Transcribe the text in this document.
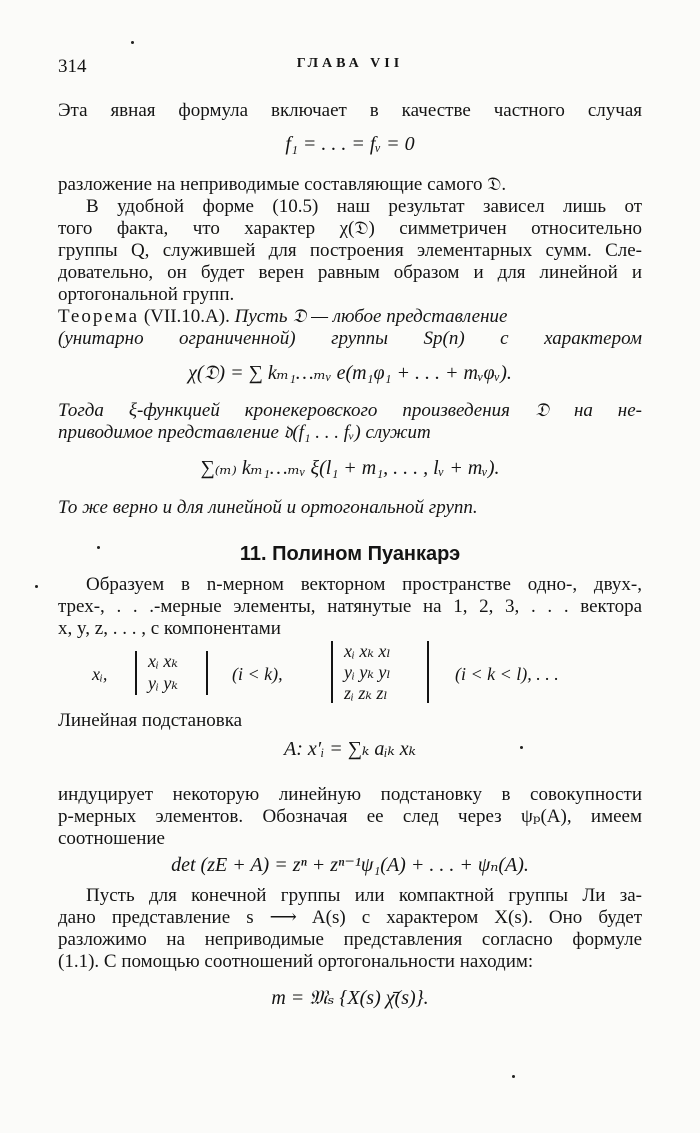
314	ГЛАВА VII
Эта явная формула включает в качестве частного случая
f₁ = . . . = fᵥ = 0
разложение на неприводимые составляющие самого 𝔇.
В удобной форме (10.5) наш результат зависел лишь от
того факта, что характер χ(𝔇) симметричен относительно
группы Q, служившей для построения элементарных сумм. Сле-
довательно, он будет верен равным образом и для линейной и
ортогональной групп.
Теорема (VII.10.A). Пусть 𝔇 — любое представление
(унитарно ограниченной) группы Sp(n) с характером
χ(𝔇) = ∑ kₘ₁…ₘᵥ e(m₁φ₁ + . . . + mᵥφᵥ).
Тогда ξ-функцией кронекеровского произведения 𝔇 на не-
приводимое представление 𝔡(f₁ . . . fᵥ) служит
∑₍ₘ₎ kₘ₁…ₘᵥ ξ(l₁ + m₁, . . . , lᵥ + mᵥ).
То же верно и для линейной и ортогональной групп.
11. Полином Пуанкарэ
Образуем в n-мерном векторном пространстве одно-, двух-,
трех-, . . .-мерные элементы, натянутые на 1, 2, 3, . . . вектора
x, y, z, . . . , с компонентами
xᵢ,
xᵢ xₖ
yᵢ yₖ	(i < k),
xᵢ xₖ xₗ
yᵢ yₖ yₗ
zᵢ zₖ zₗ
(i < k < l), . . .
Линейная подстановка
A: x′ᵢ = ∑ₖ aᵢₖ xₖ
индуцирует некоторую линейную подстановку в совокупности
p-мерных элементов. Обозначая ее след через ψₚ(A), имеем
соотношение
det (zE + A) = zⁿ + zⁿ⁻¹ψ₁(A) + . . . + ψₙ(A).
Пусть для конечной группы или компактной группы Ли за-
дано представление s ⟶ A(s) с характером X(s). Оно будет
разложимо на неприводимые представления согласно формуле
(1.1). С помощью соотношений ортогональности находим:
m = 𝔐ₛ {X(s) χ̄(s)}.
